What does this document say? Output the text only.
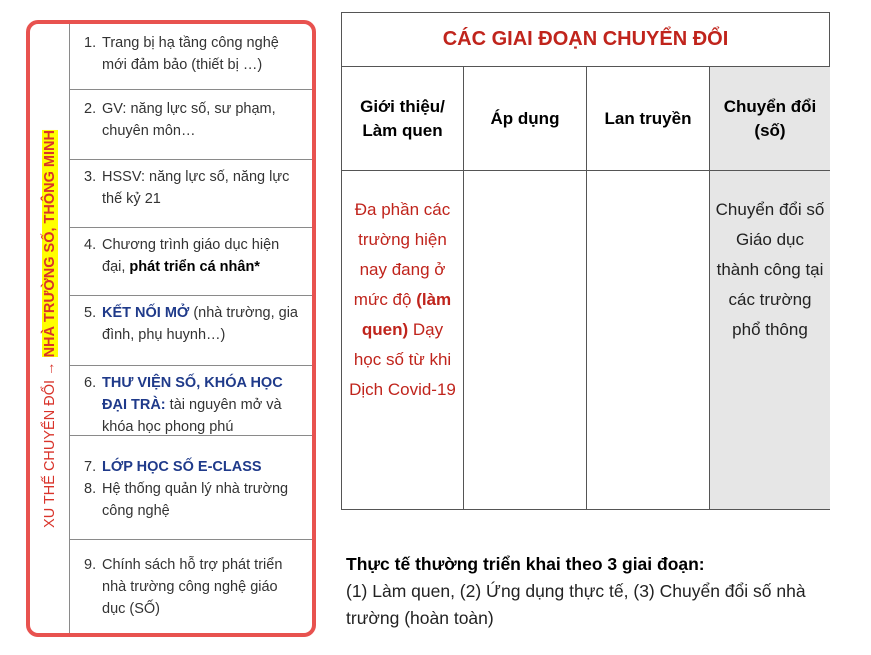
XU THẾ CHUYỂN ĐỔI → NHÀ TRƯỜNG SỐ, THÔNG MINH
1. Trang bị hạ tầng công nghệ mới đảm bảo (thiết bị …)
2. GV: năng lực số, sư phạm, chuyên môn…
3. HSSV: năng lực số, năng lực thế kỷ 21
4. Chương trình giáo dục hiện đại, phát triển cá nhân*
5. KẾT NỐI MỞ (nhà trường, gia đình, phụ huynh…)
6. THƯ VIỆN SỐ, KHÓA HỌC ĐẠI TRÀ: tài nguyên mở và khóa học phong phú
7. LỚP HỌC SỐ E-CLASS
8. Hệ thống quản lý nhà trường công nghệ
9. Chính sách hỗ trợ phát triển nhà trường công nghệ giáo dục (SỐ)
CÁC GIAI ĐOẠN CHUYỂN ĐỔI
Giới thiệu/ Làm quen
Đa phần các trường hiện nay đang ở mức độ (làm quen) Dạy học số từ khi Dịch Covid-19
Áp dụng	Lan truyền
Chuyển đổi (số)
Chuyển đổi số Giáo dục thành công tại các trường phổ thông
Thực tế thường triển khai theo 3 giai đoạn:
(1) Làm quen, (2) Ứng dụng thực tế, (3) Chuyển đổi số nhà trường (hoàn toàn)
